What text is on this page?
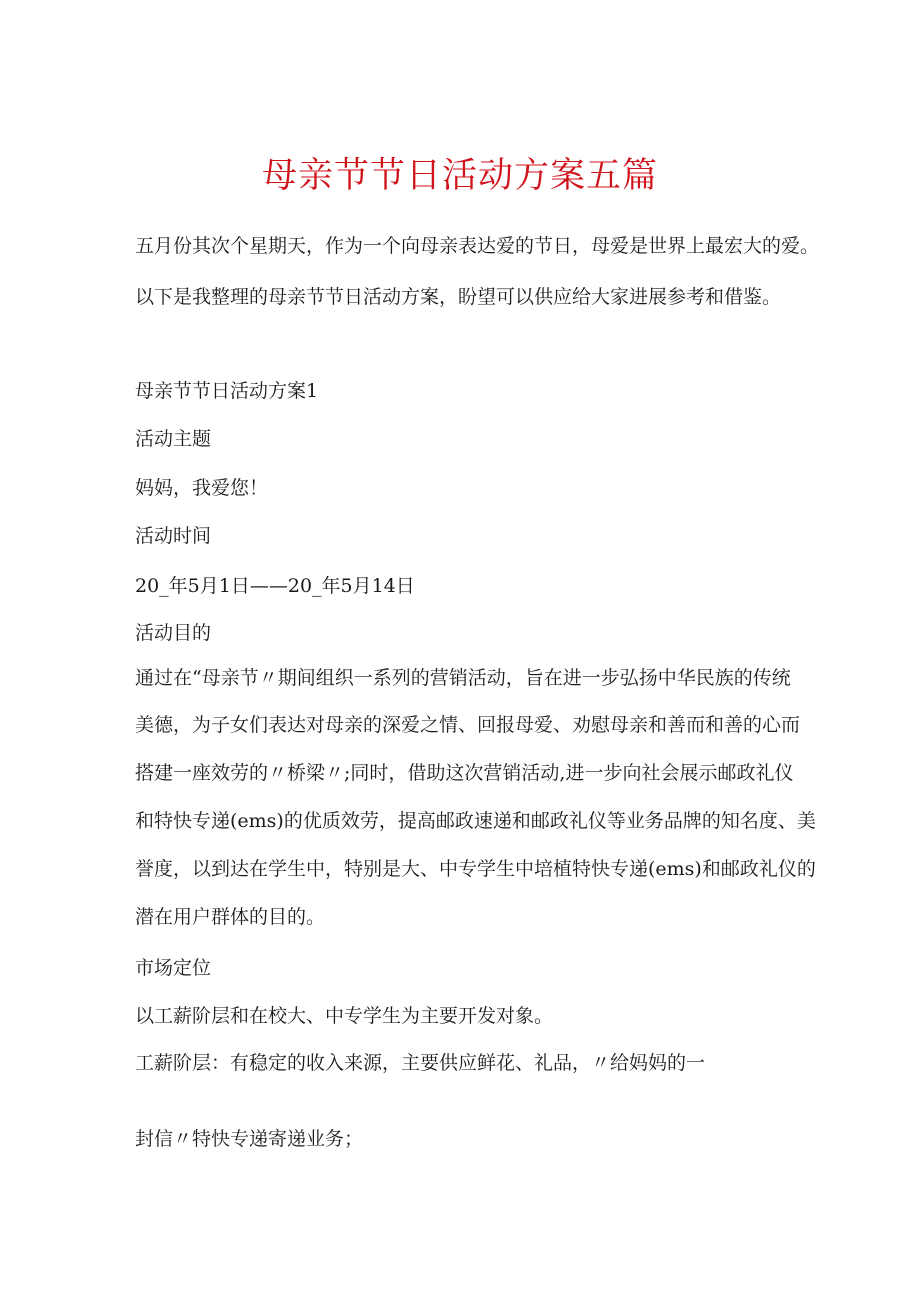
母亲节节日活动方案五篇
五月份其次个星期天，作为一个向母亲表达爱的节日，母爱是世界上最宏大的爱。
以下是我整理的母亲节节日活动方案，盼望可以供应给大家进展参考和借鉴。
母亲节节日活动方案1
活动主题
妈妈，我爱您！
活动时间
20_年5月1日——20_年5月14日
活动目的
通过在“母亲节〃期间组织一系列的营销活动，旨在进一步弘扬中华民族的传统
美德，为子女们表达对母亲的深爱之情、回报母爱、劝慰母亲和善而和善的心而
搭建一座效劳的〃桥梁〃;同时，借助这次营销活动,进一步向社会展示邮政礼仪
和特快专递(ems)的优质效劳，提高邮政速递和邮政礼仪等业务品牌的知名度、美
誉度，以到达在学生中，特别是大、中专学生中培植特快专递(ems)和邮政礼仪的
潜在用户群体的目的。
市场定位
以工薪阶层和在校大、中专学生为主要开发对象。
工薪阶层：有稳定的收入来源，主要供应鲜花、礼品，〃给妈妈的一
封信〃特快专递寄递业务；
